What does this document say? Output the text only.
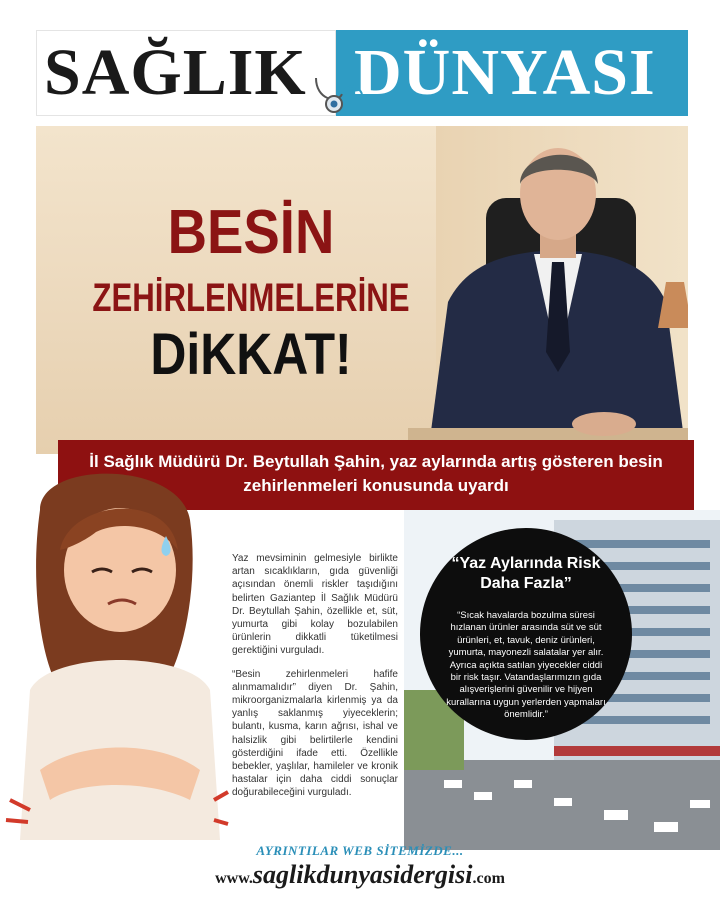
SAĞLIK DÜNYASI
BESİN
ZEHİRLENMELERİNE
DiKKAT!
İl Sağlık Müdürü Dr. Beytullah Şahin, yaz aylarında artış gösteren besin zehirlenmeleri konusunda uyardı

Yaz mevsiminin gelmesiyle birlikte artan sıcaklıkların, gıda güvenliği açısından önemli riskler taşıdığını belirten Gaziantep İl Sağlık Müdürü Dr. Beytullah Şahin, özellikle et, süt, yumurta gibi kolay bozulabilen ürünlerin dikkatli tüketilmesi gerektiğini vurguladı.

“Besin zehirlenmeleri hafife alınmamalıdır” diyen Dr. Şahin, mikroorganizmalarla kirlenmiş ya da yanlış saklanmış yiyeceklerin; bulantı, kusma, karın ağrısı, ishal ve halsizlik gibi belirtilerle kendini gösterdiğini ifade etti. Özellikle bebekler, yaşlılar, hamileler ve kronik hastalar için daha ciddi sonuçlar doğurabileceğini vurguladı.

“Yaz Aylarında Risk Daha Fazla”
“Sıcak havalarda bozulma süresi hızlanan ürünler arasında süt ve süt ürünleri, et, tavuk, deniz ürünleri, yumurta, mayonezli salatalar yer alır. Ayrıca açıkta satılan yiyecekler ciddi bir risk taşır. Vatandaşlarımızın gıda alışverişlerini güvenilir ve hijyen kurallarına uygun yerlerden yapmaları önemlidir.”
AYRINTILAR WEB SİTEMİZDE...
www.saglikdunyasidergisi.com
